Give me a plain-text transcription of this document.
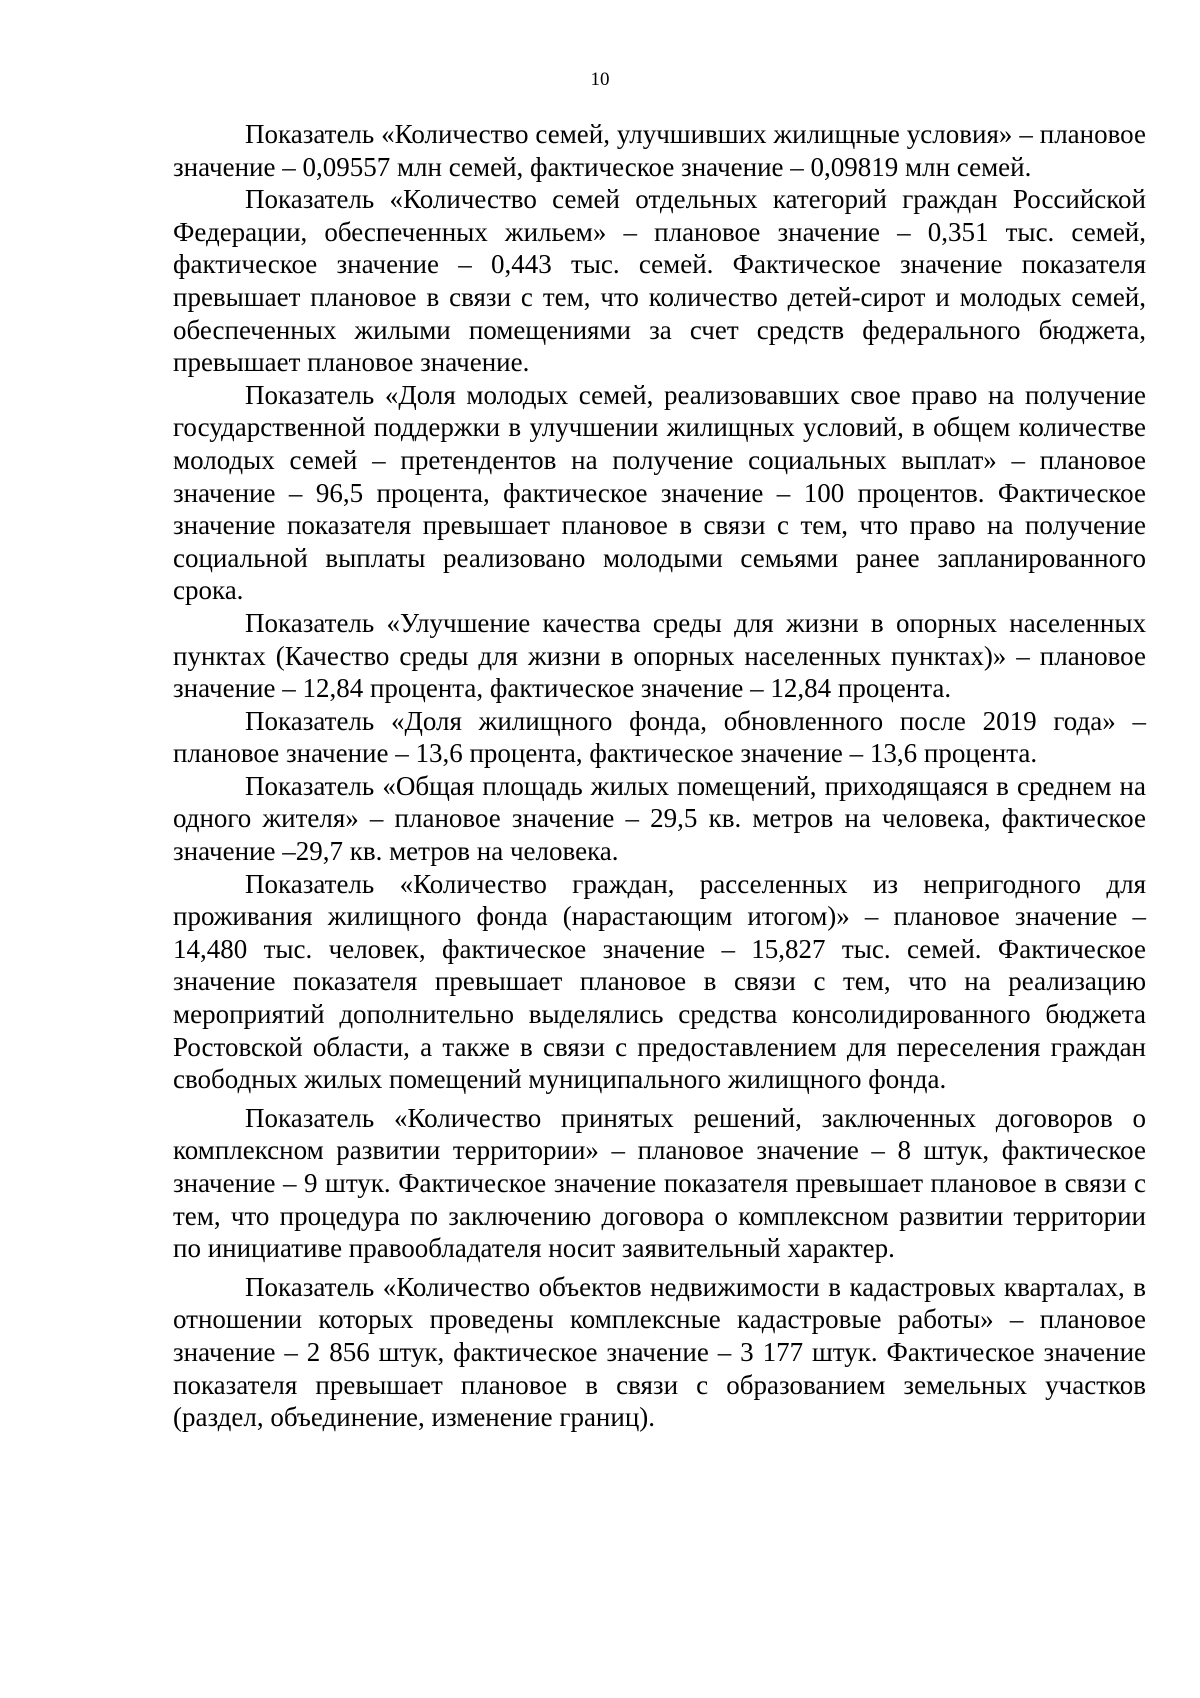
10

Показатель «Количество семей, улучшивших жилищные условия» – плановое значение – 0,09557 млн семей, фактическое значение – 0,09819 млн семей.

Показатель «Количество семей отдельных категорий граждан Российской Федерации, обеспеченных жильем» – плановое значение – 0,351 тыс. семей, фактическое значение – 0,443 тыс. семей. Фактическое значение показателя превышает плановое в связи с тем, что количество детей-сирот и молодых семей, обеспеченных жилыми помещениями за счет средств федерального бюджета, превышает плановое значение.

Показатель «Доля молодых семей, реализовавших свое право на получение государственной поддержки в улучшении жилищных условий, в общем количестве молодых семей – претендентов на получение социальных выплат» – плановое значение – 96,5 процента, фактическое значение – 100 процентов. Фактическое значение показателя превышает плановое в связи с тем, что право на получение социальной выплаты реализовано молодыми семьями ранее запланированного срока.

Показатель «Улучшение качества среды для жизни в опорных населенных пунктах (Качество среды для жизни в опорных населенных пунктах)» – плановое значение – 12,84 процента, фактическое значение – 12,84 процента.

Показатель «Доля жилищного фонда, обновленного после 2019 года» – плановое значение – 13,6 процента, фактическое значение – 13,6 процента.

Показатель «Общая площадь жилых помещений, приходящаяся в среднем на одного жителя» – плановое значение – 29,5 кв. метров на человека, фактическое значение –29,7 кв. метров на человека.

Показатель «Количество граждан, расселенных из непригодного для проживания жилищного фонда (нарастающим итогом)» – плановое значение – 14,480 тыс. человек, фактическое значение – 15,827 тыс. семей. Фактическое значение показателя превышает плановое в связи с тем, что на реализацию мероприятий дополнительно выделялись средства консолидированного бюджета Ростовской области, а также в связи с предоставлением для переселения граждан свободных жилых помещений муниципального жилищного фонда.

Показатель «Количество принятых решений, заключенных договоров о комплексном развитии территории» – плановое значение – 8 штук, фактическое значение – 9 штук. Фактическое значение показателя превышает плановое в связи с тем, что процедура по заключению договора о комплексном развитии территории по инициативе правообладателя носит заявительный характер.

Показатель «Количество объектов недвижимости в кадастровых кварталах, в отношении которых проведены комплексные кадастровые работы» – плановое значение – 2 856 штук, фактическое значение – 3 177 штук. Фактическое значение показателя превышает плановое в связи с образованием земельных участков (раздел, объединение, изменение границ).
